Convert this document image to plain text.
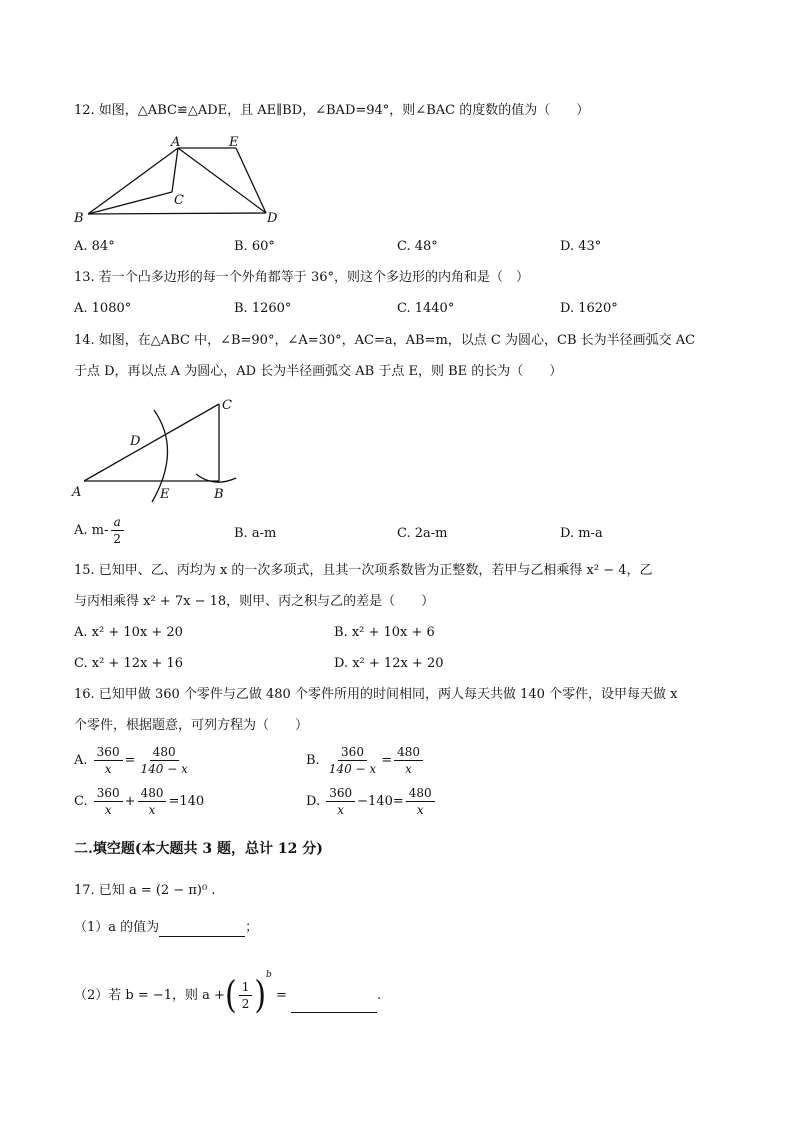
12. 如图，△ABC≌△ADE，且 AE∥BD，∠BAD=94°，则∠BAC 的度数的值为（　　）
A	E
C
B	D
A. 84°	B. 60°	C. 48°	D. 43°
13. 若一个凸多边形的每一个外角都等于 36°，则这个多边形的内角和是（　）
A. 1080°	B. 1260°	C. 1440°	D. 1620°
14. 如图，在△ABC 中，∠B=90°，∠A=30°，AC=a，AB=m，以点 C 为圆心，CB 长为半径画弧交 AC
于点 D，再以点 A 为圆心，AD 长为半径画弧交 AB 于点 E，则 BE 的长为（　　）
C
D
A	E	B
A. $m- \frac{a}{2}$	B. a-m	C. 2a-m	D. m-a
15. 已知甲、乙、丙均为 x 的一次多项式，且其一次项系数皆为正整数，若甲与乙相乘得 x² − 4，乙
与丙相乘得 x² + 7x − 18，则甲、丙之积与乙的差是（　　）
A. x² + 10x + 20	B. x² + 10x + 6
C. x² + 12x + 16	D. x² + 12x + 20
16. 已知甲做 360 个零件与乙做 480 个零件所用的时间相同，两人每天共做 140 个零件，设甲每天做 x
个零件，根据题意，可列方程为（　　）
A. $\frac{360}{x} = \frac{480}{140 - x}$	B. $\frac{360}{140 - x} = \frac{480}{x}$
C. $\frac{360}{x} + \frac{480}{x} =140$	D. $\frac{360}{x} -140= \frac{480}{x}$
二.填空题(本大题共 3 题，总计 12 分)
17. 已知 a = (2 − π)⁰ .
（1）a 的值为	；
（2）若 b = −1，则 a +( $\frac{1}{2} )^b$ =	.
